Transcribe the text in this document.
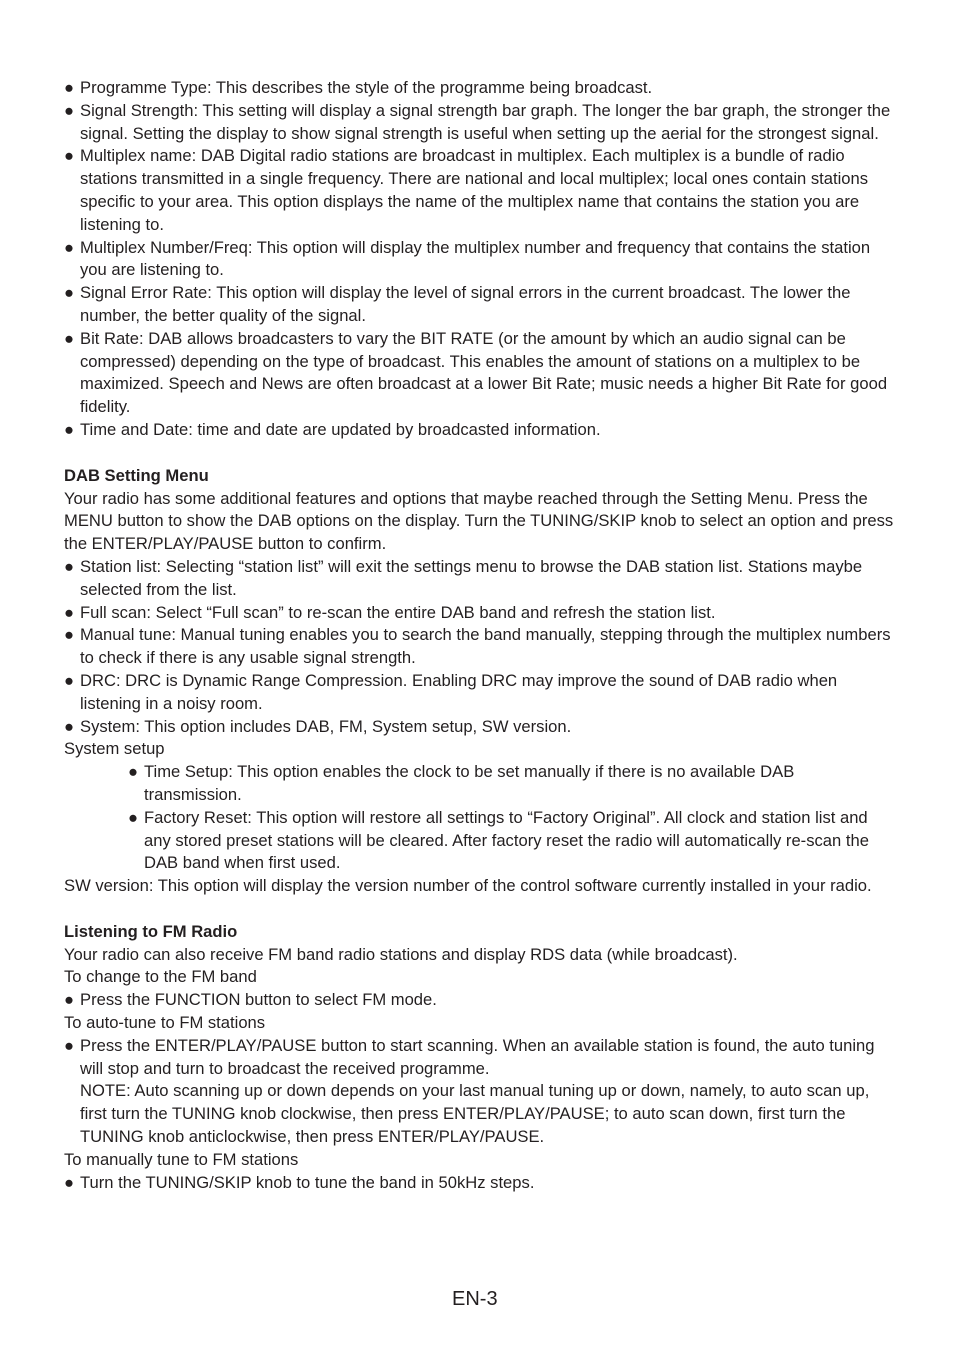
● Programme Type: This describes the style of the programme being broadcast.
● Signal Strength: This setting will display a signal strength bar graph. The longer the bar graph, the stronger the signal. Setting the display to show signal strength is useful when setting up the aerial for the strongest signal.
● Multiplex name: DAB Digital radio stations are broadcast in multiplex. Each multiplex is a bundle of radio stations transmitted in a single frequency. There are national and local multiplex; local ones contain stations specific to your area. This option displays the name of the multiplex name that contains the station you are listening to.
● Multiplex Number/Freq: This option will display the multiplex number and frequency that contains the station you are listening to.
● Signal Error Rate: This option will display the level of signal errors in the current broadcast. The lower the number, the better quality of the signal.
● Bit Rate: DAB allows broadcasters to vary the BIT RATE (or the amount by which an audio signal can be compressed) depending on the type of broadcast. This enables the amount of stations on a multiplex to be maximized. Speech and News are often broadcast at a lower Bit Rate; music needs a higher Bit Rate for good fidelity.
● Time and Date: time and date are updated by broadcasted information.

DAB Setting Menu

Your radio has some additional features and options that maybe reached through the Setting Menu. Press the MENU button to show the DAB options on the display. Turn the TUNING/SKIP knob to select an option and press the ENTER/PLAY/PAUSE button to confirm.

● Station list: Selecting “station list” will exit the settings menu to browse the DAB station list. Stations maybe selected from the list.
● Full scan: Select “Full scan” to re-scan the entire DAB band and refresh the station list.
● Manual tune: Manual tuning enables you to search the band manually, stepping through the multiplex numbers to check if there is any usable signal strength.
● DRC: DRC is Dynamic Range Compression. Enabling DRC may improve the sound of DAB radio when listening in a noisy room.
● System: This option includes DAB, FM, System setup, SW version.

System setup

● Time Setup: This option enables the clock to be set manually if there is no available DAB transmission.
● Factory Reset: This option will restore all settings to “Factory Original”. All clock and station list and any stored preset stations will be cleared. After factory reset the radio will automatically re-scan the DAB band when first used.

SW version: This option will display the version number of the control software currently installed in your radio.

Listening to FM Radio

Your radio can also receive FM band radio stations and display RDS data (while broadcast).

To change to the FM band

● Press the FUNCTION button to select FM mode.

To auto-tune to FM stations

● Press the ENTER/PLAY/PAUSE button to start scanning. When an available station is found, the auto tuning will stop and turn to broadcast the received programme.

NOTE: Auto scanning up or down depends on your last manual tuning up or down, namely, to auto scan up, first turn the TUNING knob clockwise, then press ENTER/PLAY/PAUSE; to auto scan down, first turn the TUNING knob anticlockwise, then press ENTER/PLAY/PAUSE.

To manually tune to FM stations

● Turn the TUNING/SKIP knob to tune the band in 50kHz steps.
EN-3
